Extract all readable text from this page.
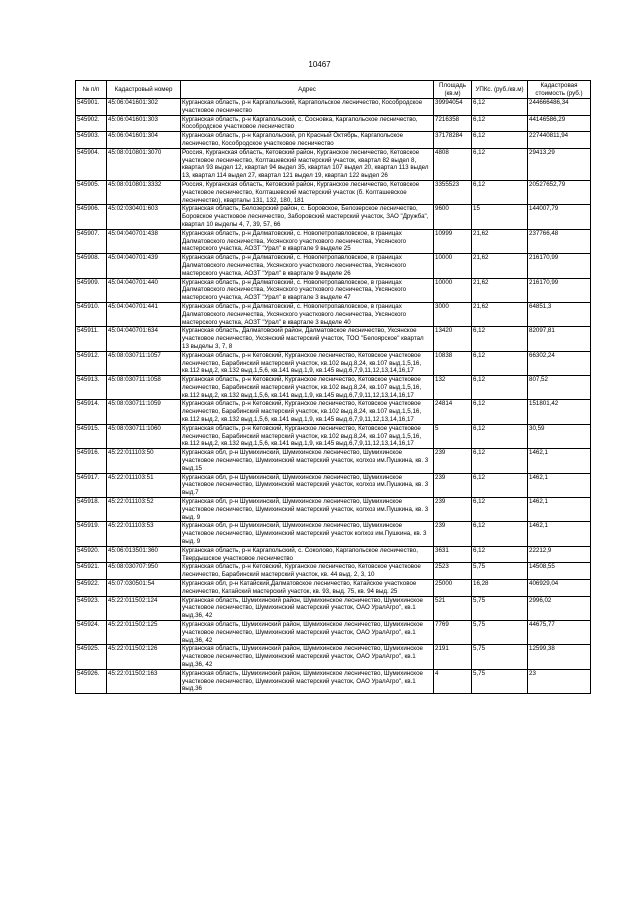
10467
№ п/п	Кадастровый номер	Адрес	Площадь (кв.м)	УПКс. (руб./кв.м)	Кадастровая стоимость (руб.)
545901.	45:06:041601:302	Курганская область, р-н Каргапольский, Каргапольское лесничество, Кособродское участковое лесничество	39994054	6,12	244666486,34
545902.	45:06:041601:303	Курганская область, р-н Каргапольский, с. Сосновка, Каргапольское лесничество, Кособродское участковое лесничество	7216358	6,12	44146586,29
545903.	45:06:041601:304	Курганская область, р-н Каргапольский, рп Красный Октябрь, Каргапольское лесничество, Кособродское участковое лесничество	37178284	6,12	227440811,94
545904.	45:08:010801:3070	Россия, Курганская область, Кетовский район, Курганское лесничество, Кетовское участковое лесничество, Колташевский мастерский участок, квартал 82 выдел 8, квартал 93 выдел 12, квартал 94 выдел 35, квартал 107 выдел 20, квартал 113 выдел 13, квартал 114 выдел 27, квартал 121 выдел 19, квартал 122 выдел 26	4808	6,12	29413,29
545905.	45:08:010801:3332	Россия, Курганская область, Кетовский район, Курганское лесничество, Кетовское участковое лесничество, Колташевский мастерский участок (б. Колташевское лесничество), кварталы 131, 132, 180, 181	3355523	6,12	20527652,79
545906.	45:02:030401:603	Курганская область, Белозерский район, с. Боровское, Белозерское лесничество, Боровское участковое лесничество, Заборовский мастерский участок, ЗАО "Дружба", квартал 10 выделы 4, 7, 39, 57, 66	9600	15	144007,79
545907.	45:04:040701:438	Курганская область, р-н Далматовский, с. Новопетропавловское, в границах Далматовского лесничества, Уксянского участкового лесничества, Уксянского мастерского участка, АОЗТ "Урал" в квартале 9 выделе 25	10999	21,62	237766,48
545908.	45:04:040701:439	Курганская область, р-н Далматовский, с. Новопетропавловское, в границах Далматовского лесничества, Уксянского участкового лесничества, Уксянского мастерского участка, АОЗТ "Урал" в квартале 9 выделе 26	10000	21,62	216170,99
545909.	45:04:040701:440	Курганская область, р-н Далматовский, с. Новопетропавловское, в границах Далматовского лесничества, Уксянского участкового лесничества, Уксянского мастерского участка, АОЗТ "Урал" в квартале 3 выделе 47	10000	21,62	216170,99
545910.	45:04:040701:441	Курганская область, р-н Далматовский, с. Новопетропавловское, в границах Далматовского лесничества, Уксянского участкового лесничества, Уксянского мастерского участка, АОЗТ "Урал" в квартале 3 выделе 40	3000	21,62	64851,3
545911.	45:04:040701:634	Курганская область, Далматовский район, Далматовское лесничество, Уксянское участковое лесничество, Уксянский мастерский участок, ТОО "Белоярское" квартал 13 выделы 3, 7, 8	13420	6,12	82097,81
545912.	45:08:030711:1057	Курганская область, р-н Кетовский, Курганское лесничество, Кетовское участковое лесничество, Барабинский мастерский участок, кв.102 выд.8,24, кв.107 выд.1,5,16, кв.112 выд.2, кв.132 выд.1,5,6, кв.141 выд.1,9, кв.145 выд.6,7,9,11,12,13,14,16,17	10838	6,12	66302,24
545913.	45:08:030711:1058	Курганская область, р-н Кетовский, Курганское лесничество, Кетовское участковое лесничество, Барабинский мастерский участок, кв.102 выд.8,24, кв.107 выд.1,5,16, кв.112 выд.2, кв.132 выд.1,5,6, кв.141 выд.1,9, кв.145 выд.6,7,9,11,12,13,14,16,17	132	6,12	807,52
545914.	45:08:030711:1059	Курганская область, р-н Кетовский, Курганское лесничество, Кетовское участковое лесничество, Барабинский мастерский участок, кв.102 выд.8,24, кв.107 выд.1,5,16, кв.112 выд.2, кв.132 выд.1,5,6, кв.141 выд.1,9, кв.145 выд.6,7,9,11,12,13,14,16,17	24814	6,12	151801,42
545915.	45:08:030711:1060	Курганская область, р-н Кетовский, Курганское лесничество, Кетовское участковое лесничество, Барабинский мастерский участок, кв.102 выд.8,24, кв.107 выд.1,5,16, кв.112 выд.2, кв.132 выд.1,5,6, кв.141 выд.1,9, кв.145 выд.6,7,9,11,12,13,14,16,17	5	6,12	30,59
545916.	45:22:011103:50	Курганская обл, р-н Шумихинский, Шумихинское лесничество, Шумихинское участковое лесничество, Шумихинский мастерский участок, колхоз им.Пушкина, кв. 3 выд.15	239	6,12	1462,1
545917.	45:22:011103:51	Курганская обл, р-н Шумихинский, Шумихинское лесничество, Шумихинское участковое лесничество, Шумихинский мастерский участок, колхоз им.Пушкина, кв. 3 выд.7	239	6,12	1462,1
545918.	45:22:011103:52	Курганская обл, р-н Шумихинский, Шумихинское лесничество, Шумихинское участковое лесничество, Шумихинский мастерский участок, колхоз им.Пушкина, кв. 3 выд. 9	239	6,12	1462,1
545919.	45:22:011103:53	Курганская обл, р-н Шумихинский, Шумихинское лесничество, Шумихинское участковое лесничество, Шумихинский мастерский участок колхоз им.Пушкина, кв. 3 выд. 9	239	6,12	1462,1
545920.	45:06:013501:360	Курганская область, р-н Каргапольский, с. Соколово, Каргапольское лесничество, Твердышское участковое лесничество	3631	6,12	22212,9
545921.	45:08:030707:950	Курганская область, р-н Кетовский, Курганское лесничество, Кетовское участковое лесничество, Барабинский мастерский участок, кв. 44 выд. 2, 3, 10	2523	5,75	14508,55
545922.	45:07:030501:54	Курганская обл, р-н Катайский,Далматовское лесничество, Катайское участковое лесничество, Катайский мастерский участок, кв. 93, выд. 75, кв. 94 выд. 25	25000	16,28	406929,04
545923.	45:22:011502:124	Курганская область, Шумихинский район, Шумихинское лесничество, Шумихинское участковое лесничество, Шумихинский мастерский участок, ОАО УралАгро", кв.1 выд.36, 42	521	5,75	2996,02
545924.	45:22:011502:125	Курганская область, Шумихинский район, Шумихинское лесничество, Шумихинское участковое лесничество, Шумихинский мастерский участок, ОАО УралАгро", кв.1 выд.36, 42	7769	5,75	44675,77
545925.	45:22:011502:126	Курганская область, Шумихинский район, Шумихинское лесничество, Шумихинское участковое лесничество, Шумихинский мастерский участок, ОАО УралАгро", кв.1 выд.36, 42	2191	5,75	12599,38
545926.	45:22:011502:163	Курганская область, Шумихинский район, Шумихинское лесничество, Шумихинское участковое лесничество, Шумихинский мастерский участок, ОАО УралАгро", кв.1 выд.36	4	5,75	23
